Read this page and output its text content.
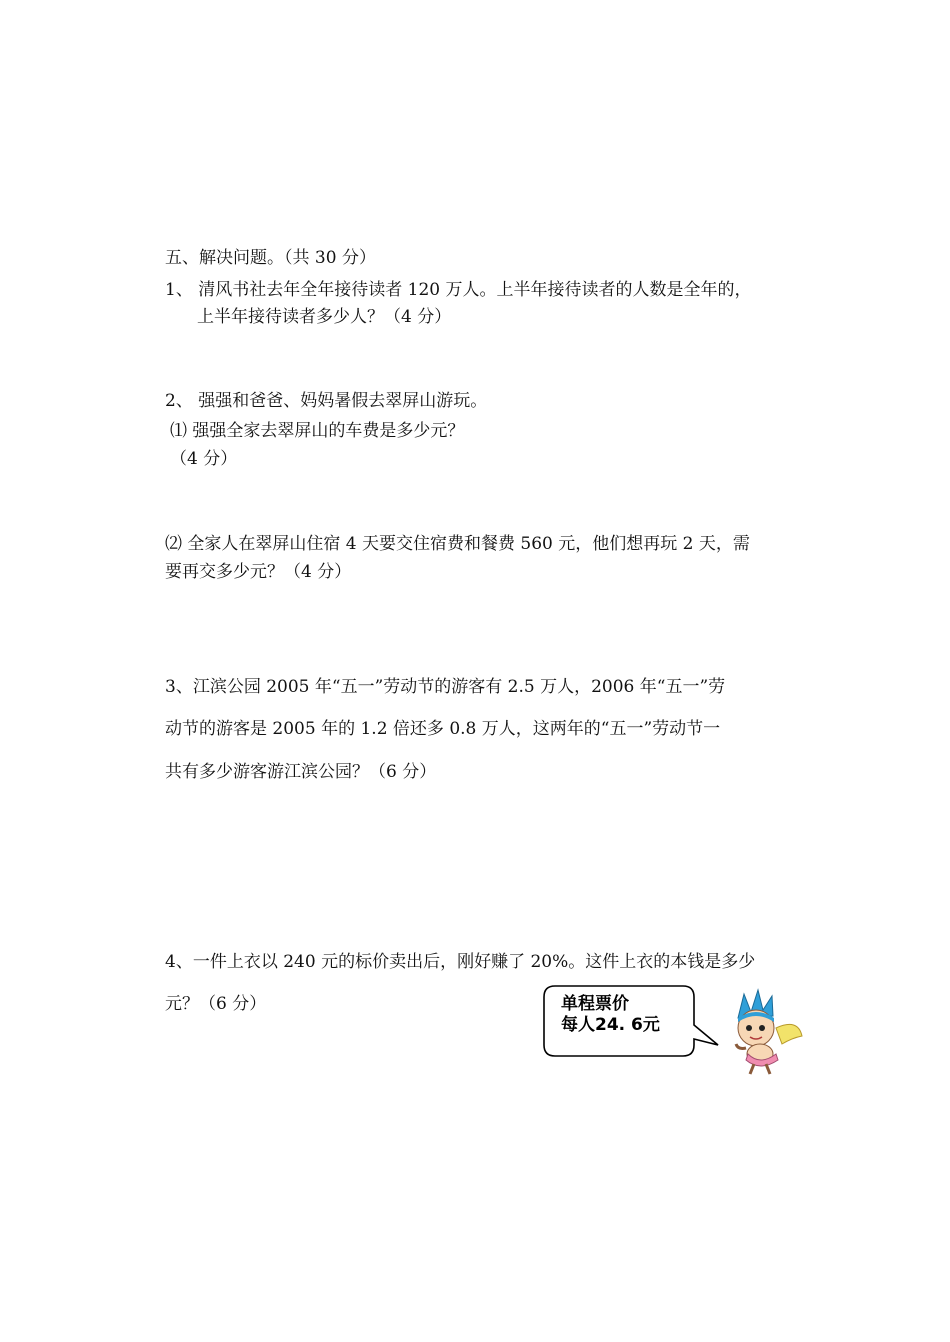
五、解决问题。（共 30 分）
1、 清风书社去年全年接待读者 120 万人。上半年接待读者的人数是全年的，
上半年接待读者多少人？（4 分）
2、 强强和爸爸、妈妈暑假去翠屏山游玩。
⑴ 强强全家去翠屏山的车费是多少元？
（4 分）
⑵ 全家人在翠屏山住宿 4 天要交住宿费和餐费 560 元，他们想再玩 2 天，需
要再交多少元？（4 分）
3、江滨公园 2005 年“五一”劳动节的游客有 2.5 万人，2006 年“五一”劳
动节的游客是 2005 年的 1.2 倍还多 0.8 万人，这两年的“五一”劳动节一
共有多少游客游江滨公园？（6 分）
4、一件上衣以 240 元的标价卖出后，刚好赚了 20%。这件上衣的本钱是多少
元？（6 分）	单程票价
每人24. 6元
